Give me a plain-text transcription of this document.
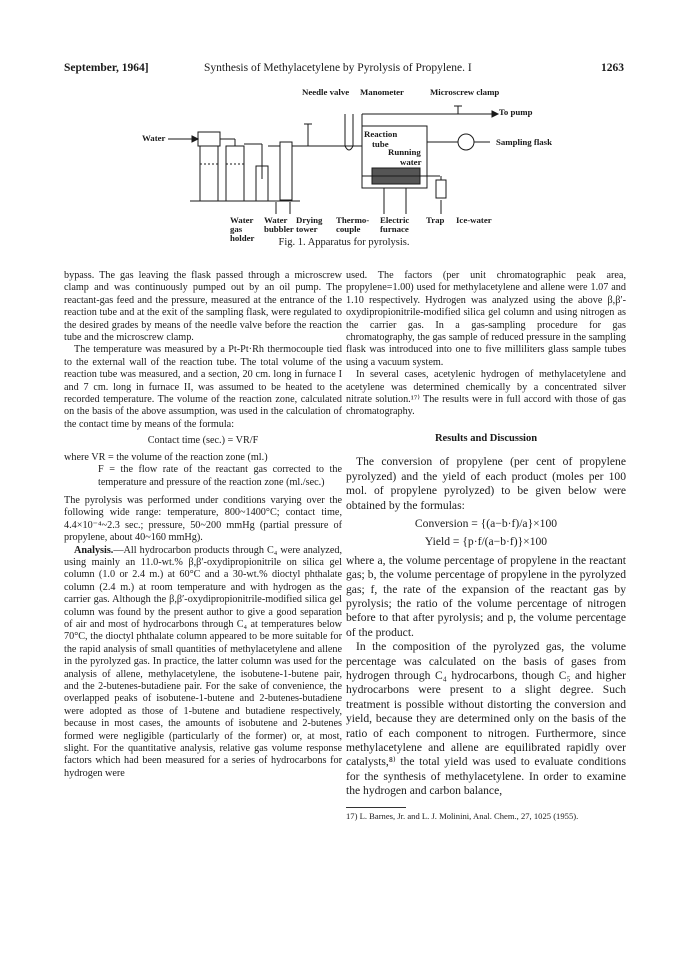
September, 1964]	Synthesis of Methylacetylene by Pyrolysis of Propylene. I	1263
Needle valve Manometer	Microscrew clamp
→ To pump
Water	Reaction
tube
Running
water
Sampling flask
Water
gas
holder
Water
bubbler
Drying
tower
Thermo-
couple
Electric
furnace
Trap Ice-water
Fig. 1. Apparatus for pyrolysis.

bypass. The gas leaving the flask passed through a microscrew clamp and was continuously pumped out by an oil pump. The reactant-gas feed and the pressure, measured at the entrance of the reaction tube and at the exit of the sampling flask, were regulated to the desired grades by means of the needle valve before the reaction tube and the microscrew clamp.

The temperature was measured by a Pt-Pt·Rh thermocouple tied to the external wall of the reaction tube. The total volume of the reaction tube was measured, and a section, 20 cm. long in furnace I and 7 cm. long in furnace II, was assumed to be heated to the recorded temperature. The volume of the reaction zone, calculated on the basis of the above assumption, was used in the calculation of the contact time by means of the formula:

Contact time (sec.) = VR/F
where VR = the volume of the reaction zone (ml.)
F = the flow rate of the reactant gas corrected to the temperature and pressure of the reaction zone (ml./sec.)

The pyrolysis was performed under conditions varying over the following wide range: temperature, 800~1400°C; contact time, 4.4×10⁻⁴~2.3 sec.; pressure, 50~200 mmHg (partial pressure of propylene, about 40~160 mmHg).

Analysis.—All hydrocarbon products through C₄ were analyzed, using mainly an 11.0-wt.% β,β′-oxydipropionitrile on silica gel column (1.0 or 2.4 m.) at 60°C and a 30-wt.% dioctyl phthalate column (2.4 m.) at room temperature and with hydrogen as the carrier gas. Although the β,β′-oxydipropionitrile-modified silica gel column was found by the present author to give a good separation of air and most of hydrocarbons through C₄ at temperatures below 70°C, the dioctyl phthalate column appeared to be more suitable for the rapid analysis of small quantities of methylacetylene and allene in the pyrolyzed gas. In practice, the latter column was used for the analysis of allene, methylacetylene, the isobutene-1-butene pair, and the 2-butenes-butadiene pair. For the sake of convenience, the overlapped peaks of isobutene-1-butene and 2-butenes-butadiene were adopted as those of 1-butene and butadiene respectively, because in most cases, the amounts of isobutene and 2-butenes formed were negligible (particularly of the former) or, at most, slight. For the quantitative analysis, relative gas volume response factors which had been measured for a series of hydrocarbons for hydrogen were

used. The factors (per unit chromatographic peak area, propylene=1.00) used for methylacetylene and allene were 1.07 and 1.10 respectively. Hydrogen was analyzed using the above β,β′-oxydipropionitrile-modified silica gel column and using nitrogen as the carrier gas. In a gas-sampling procedure for gas chromatography, the gas sample of reduced pressure in the sampling flask was introduced into one to five milliliters glass sample tubes using a vacuum system.

In several cases, acetylenic hydrogen of methylacetylene and acetylene was determined chemically by a concentrated silver nitrate solution.¹⁷⁾ The results were in full accord with those of gas chromatography.

Results and Discussion

The conversion of propylene (per cent of propylene pyrolyzed) and the yield of each product (moles per 100 mol. of propylene pyrolyzed) to be given below were obtained by the formulas:

Conversion = {(a−b·f)/a}×100
Yield = {p·f/(a−b·f)}×100

where a, the volume percentage of propylene in the reactant gas; b, the volume percentage of propylene in the pyrolyzed gas; f, the rate of the expansion of the reactant gas by pyrolysis; the ratio of the volume percentage of nitrogen before to that after pyrolysis; and p, the volume percentage of the product.

In the composition of the pyrolyzed gas, the volume percentage was calculated on the basis of gases from hydrogen through C₄ hydrocarbons, though C₅ and higher hydrocarbons were present to a slight degree. Such treatment is possible without distorting the conversion and yield, because they are determined only on the basis of the ratio of each component to nitrogen. Furthermore, since methylacetylene and allene are equilibrated rapidly over catalysts,⁸⁾ the total yield was used to evaluate conditions for the synthesis of methylacetylene. In order to examine the hydrogen and carbon balance,

17) L. Barnes, Jr. and L. J. Molinini, Anal. Chem., 27, 1025 (1955).
